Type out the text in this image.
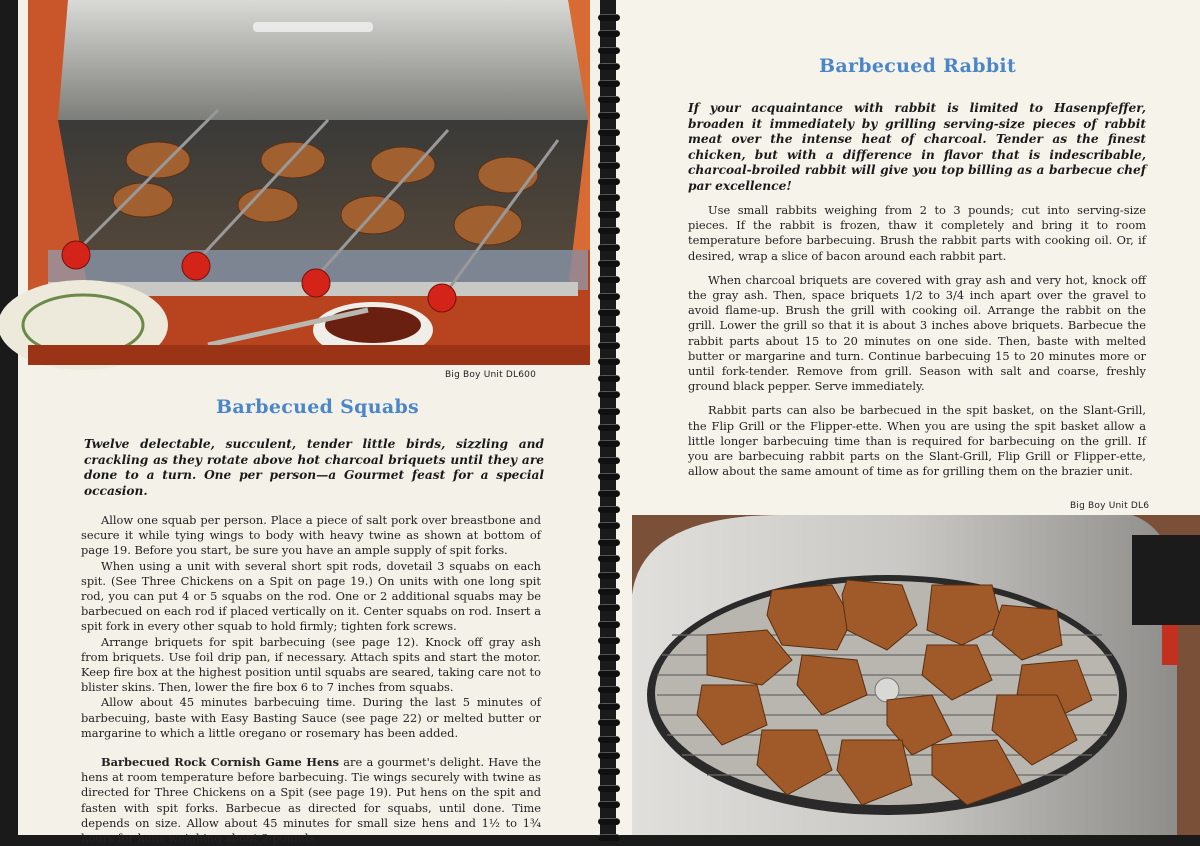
Big Boy Unit DL600
Barbecued Squabs
Twelve delectable, succulent, tender little birds, sizzling and crackling as they rotate above hot charcoal briquets until they are done to a turn. One per person—a Gourmet feast for a special occasion.

Allow one squab per person. Place a piece of salt pork over breastbone and secure it while tying wings to body with heavy twine as shown at bottom of page 19. Before you start, be sure you have an ample supply of spit forks.

When using a unit with several short spit rods, dovetail 3 squabs on each spit. (See Three Chickens on a Spit on page 19.) On units with one long spit rod, you can put 4 or 5 squabs on the rod. One or 2 additional squabs may be barbecued on each rod if placed vertically on it. Center squabs on rod. Insert a spit fork in every other squab to hold firmly; tighten fork screws.

Arrange briquets for spit barbecuing (see page 12). Knock off gray ash from briquets. Use foil drip pan, if necessary. Attach spits and start the motor. Keep fire box at the highest position until squabs are seared, taking care not to blister skins. Then, lower the fire box 6 to 7 inches from squabs.

Allow about 45 minutes barbecuing time. During the last 5 minutes of barbecuing, baste with Easy Basting Sauce (see page 22) or melted butter or margarine to which a little oregano or rosemary has been added.

Barbecued Rock Cornish Game Hens are a gourmet's delight. Have the hens at room temperature before barbecuing. Tie wings securely with twine as directed for Three Chickens on a Spit (see page 19). Put hens on the spit and fasten with spit forks. Barbecue as directed for squabs, until done. Time depends on size. Allow about 45 minutes for small size hens and 1½ to 1¾ hours for hens weighing about 2 pounds.

Barbecued Rabbit
If your acquaintance with rabbit is limited to Hasenpfeffer, broaden it immediately by grilling serving-size pieces of rabbit meat over the intense heat of charcoal. Tender as the finest chicken, but with a difference in flavor that is indescribable, charcoal-broiled rabbit will give you top billing as a barbecue chef par excellence!

Use small rabbits weighing from 2 to 3 pounds; cut into serving-size pieces. If the rabbit is frozen, thaw it completely and bring it to room temperature before barbecuing. Brush the rabbit parts with cooking oil. Or, if desired, wrap a slice of bacon around each rabbit part.

When charcoal briquets are covered with gray ash and very hot, knock off the gray ash. Then, space briquets 1/2 to 3/4 inch apart over the gravel to avoid flame-up. Brush the grill with cooking oil. Arrange the rabbit on the grill. Lower the grill so that it is about 3 inches above briquets. Barbecue the rabbit parts about 15 to 20 minutes on one side. Then, baste with melted butter or margarine and turn. Continue barbecuing 15 to 20 minutes more or until fork-tender. Remove from grill. Season with salt and coarse, freshly ground black pepper. Serve immediately.

Rabbit parts can also be barbecued in the spit basket, on the Slant-Grill, the Flip Grill or the Flipper-ette. When you are using the spit basket allow a little longer barbecuing time than is required for barbecuing on the grill. If you are barbecuing rabbit parts on the Slant-Grill, Flip Grill or Flipper-ette, allow about the same amount of time as for grilling them on the brazier unit.

Big Boy Unit DL6
